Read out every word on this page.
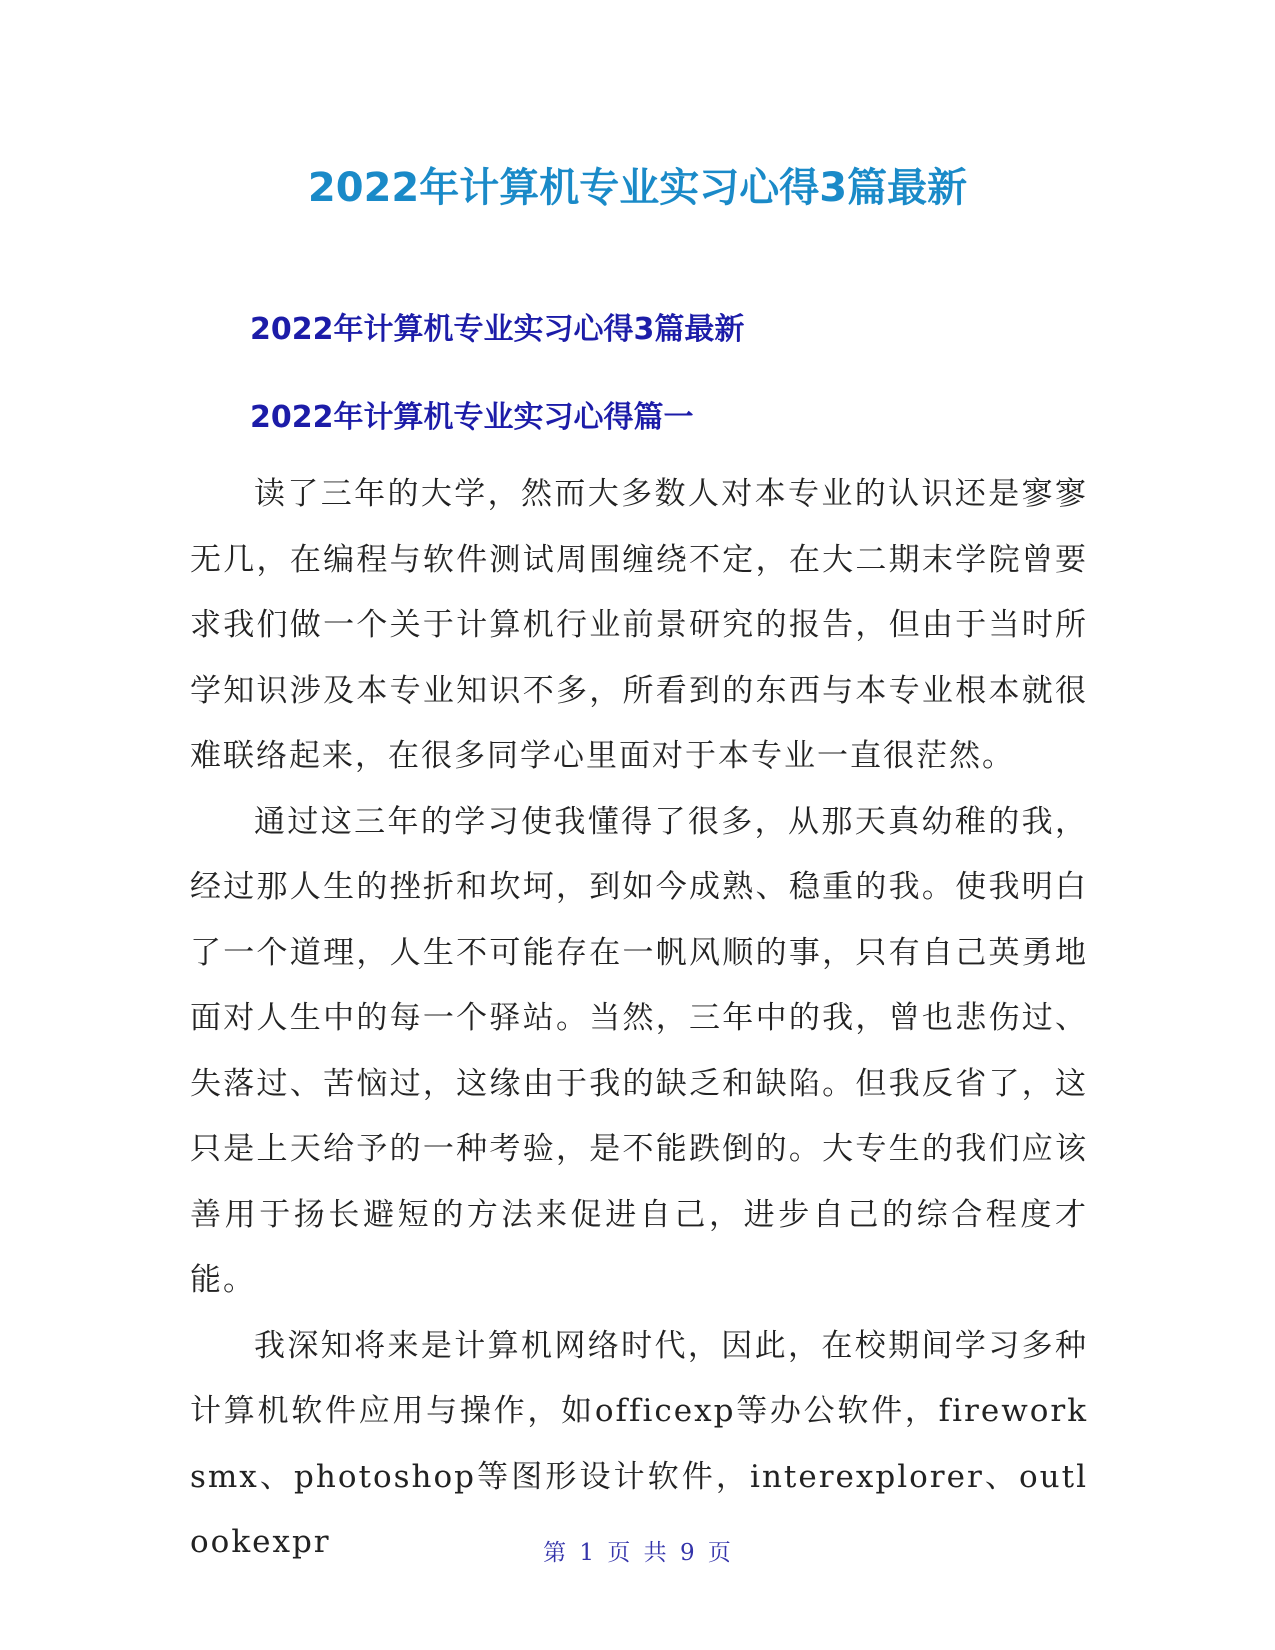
2022年计算机专业实习心得3篇最新
2022年计算机专业实习心得3篇最新
2022年计算机专业实习心得篇一

读了三年的大学，然而大多数人对本专业的认识还是寥寥无几，在编程与软件测试周围缠绕不定，在大二期末学院曾要求我们做一个关于计算机行业前景研究的报告，但由于当时所学知识涉及本专业知识不多，所看到的东西与本专业根本就很难联络起来，在很多同学心里面对于本专业一直很茫然。

通过这三年的学习使我懂得了很多，从那天真幼稚的我，经过那人生的挫折和坎坷，到如今成熟、稳重的我。使我明白了一个道理，人生不可能存在一帆风顺的事，只有自己英勇地面对人生中的每一个驿站。当然，三年中的我，曾也悲伤过、失落过、苦恼过，这缘由于我的缺乏和缺陷。但我反省了，这只是上天给予的一种考验，是不能跌倒的。大专生的我们应该善用于扬长避短的方法来促进自己，进步自己的综合程度才能。

我深知将来是计算机网络时代，因此，在校期间学习多种计算机软件应用与操作，如officexp等办公软件，fireworksmx、photoshop等图形设计软件，interexplorer、outlookexpr	第 1 页 共 9 页
